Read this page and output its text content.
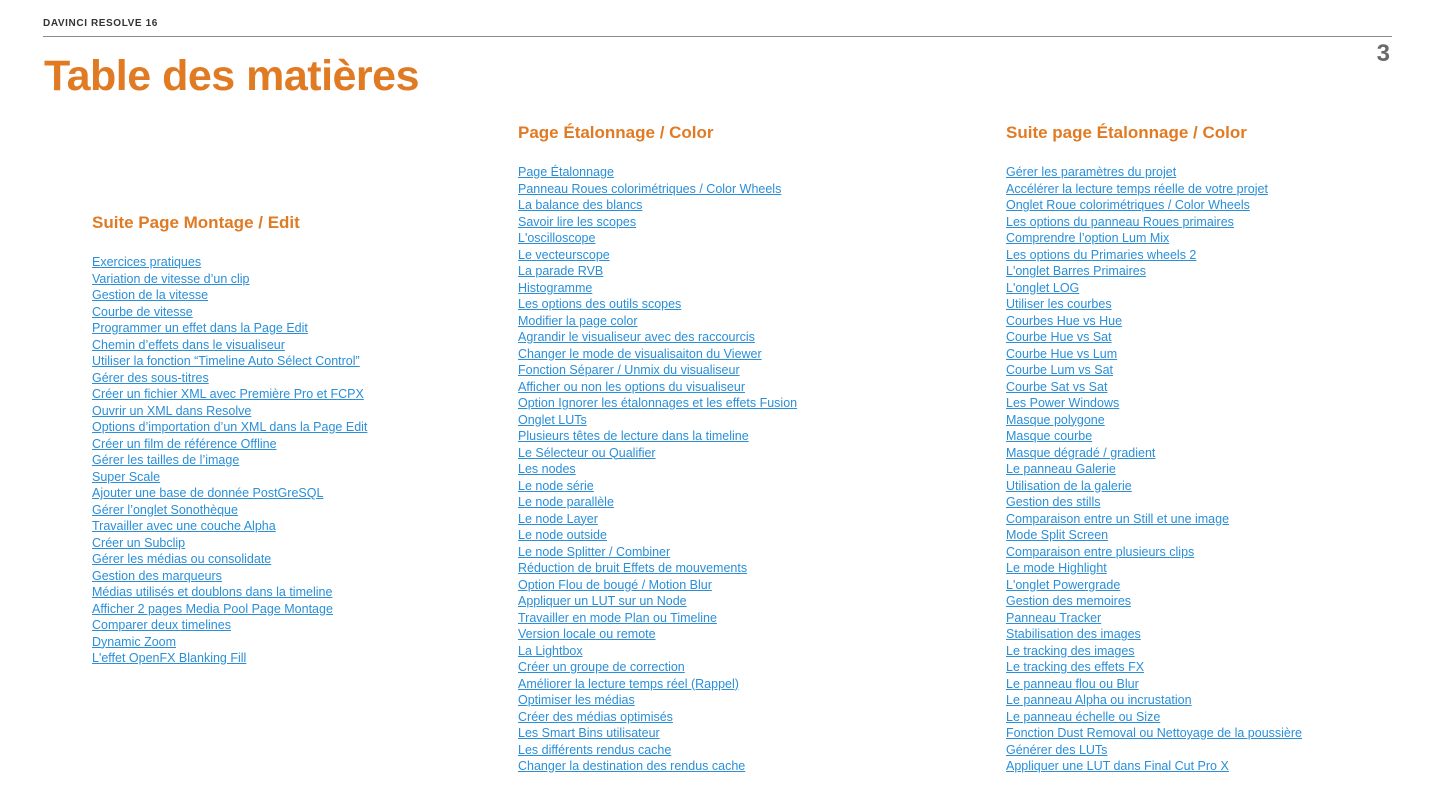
DAVINCI RESOLVE 16
3
Table des matières
Suite Page Montage / Edit
Exercices pratiques
Variation de vitesse d’un clip
Gestion de la vitesse
Courbe de vitesse
Programmer un effet dans la Page Edit
Chemin d’effets dans le visualiseur
Utiliser la fonction “Timeline Auto Sélect Control”
Gérer des sous-titres
Créer un fichier XML avec Première Pro et FCPX
Ouvrir un XML dans Resolve
Options d’importation d’un XML dans la Page Edit
Créer un film de référence Offline
Gérer les tailles de l’image
Super Scale
Ajouter une base de donnée PostGreSQL
Gérer l’onglet Sonothèque
Travailler avec une couche Alpha
Créer un Subclip
Gérer les médias ou consolidate
Gestion des marqueurs
Médias utilisés et doublons dans la timeline
Afficher 2 pages Media Pool Page Montage
Comparer deux timelines
Dynamic Zoom
L'effet OpenFX Blanking Fill
Page Étalonnage / Color
Page Étalonnage
Panneau Roues colorimétriques / Color Wheels
La balance des blancs
Savoir lire les scopes
L'oscilloscope
Le vecteurscope
La parade RVB
Histogramme
Les options des outils scopes
Modifier la page color
Agrandir le visualiseur avec des raccourcis
Changer le mode de visualisaiton du Viewer
Fonction Séparer / Unmix du visualiseur
Afficher ou non les options du visualiseur
Option Ignorer les étalonnages et les effets Fusion
Onglet LUTs
Plusieurs têtes de lecture dans la timeline
Le Sélecteur ou Qualifier
Les nodes
Le node série
Le node parallèle
Le node Layer
Le node outside
Le node Splitter / Combiner
Réduction de bruit Effets de mouvements
Option Flou de bougé / Motion Blur
Appliquer un LUT sur un Node
Travailler en mode Plan ou Timeline
Version locale ou remote
La Lightbox
Créer un groupe de correction
Améliorer la lecture temps réel (Rappel)
Optimiser les médias
Créer des médias optimisés
Les Smart Bins utilisateur
Les différents rendus cache
Changer la destination des rendus cache
Suite page Étalonnage / Color
Gérer les paramètres du projet
Accélérer la lecture temps réelle de votre projet
Onglet Roue colorimétriques / Color Wheels
Les options du panneau Roues primaires
Comprendre l’option Lum Mix
Les options du Primaries wheels 2
L'onglet Barres Primaires
L'onglet LOG
Utiliser les courbes
Courbes Hue vs Hue
Courbe Hue vs Sat
Courbe Hue vs Lum
Courbe Lum vs Sat
Courbe Sat vs Sat
Les Power Windows
Masque polygone
Masque courbe
Masque dégradé / gradient
Le panneau Galerie
Utilisation de la galerie
Gestion des stills
Comparaison entre un Still et une image
Mode Split Screen
Comparaison entre plusieurs clips
Le mode Highlight
L'onglet Powergrade
Gestion des memoires
Panneau Tracker
Stabilisation des images
Le tracking des images
Le tracking des effets FX
Le panneau flou ou Blur
Le panneau Alpha ou incrustation
Le panneau échelle ou Size
Fonction Dust Removal ou Nettoyage de la poussière
Générer des LUTs
Appliquer une LUT dans Final Cut Pro X
